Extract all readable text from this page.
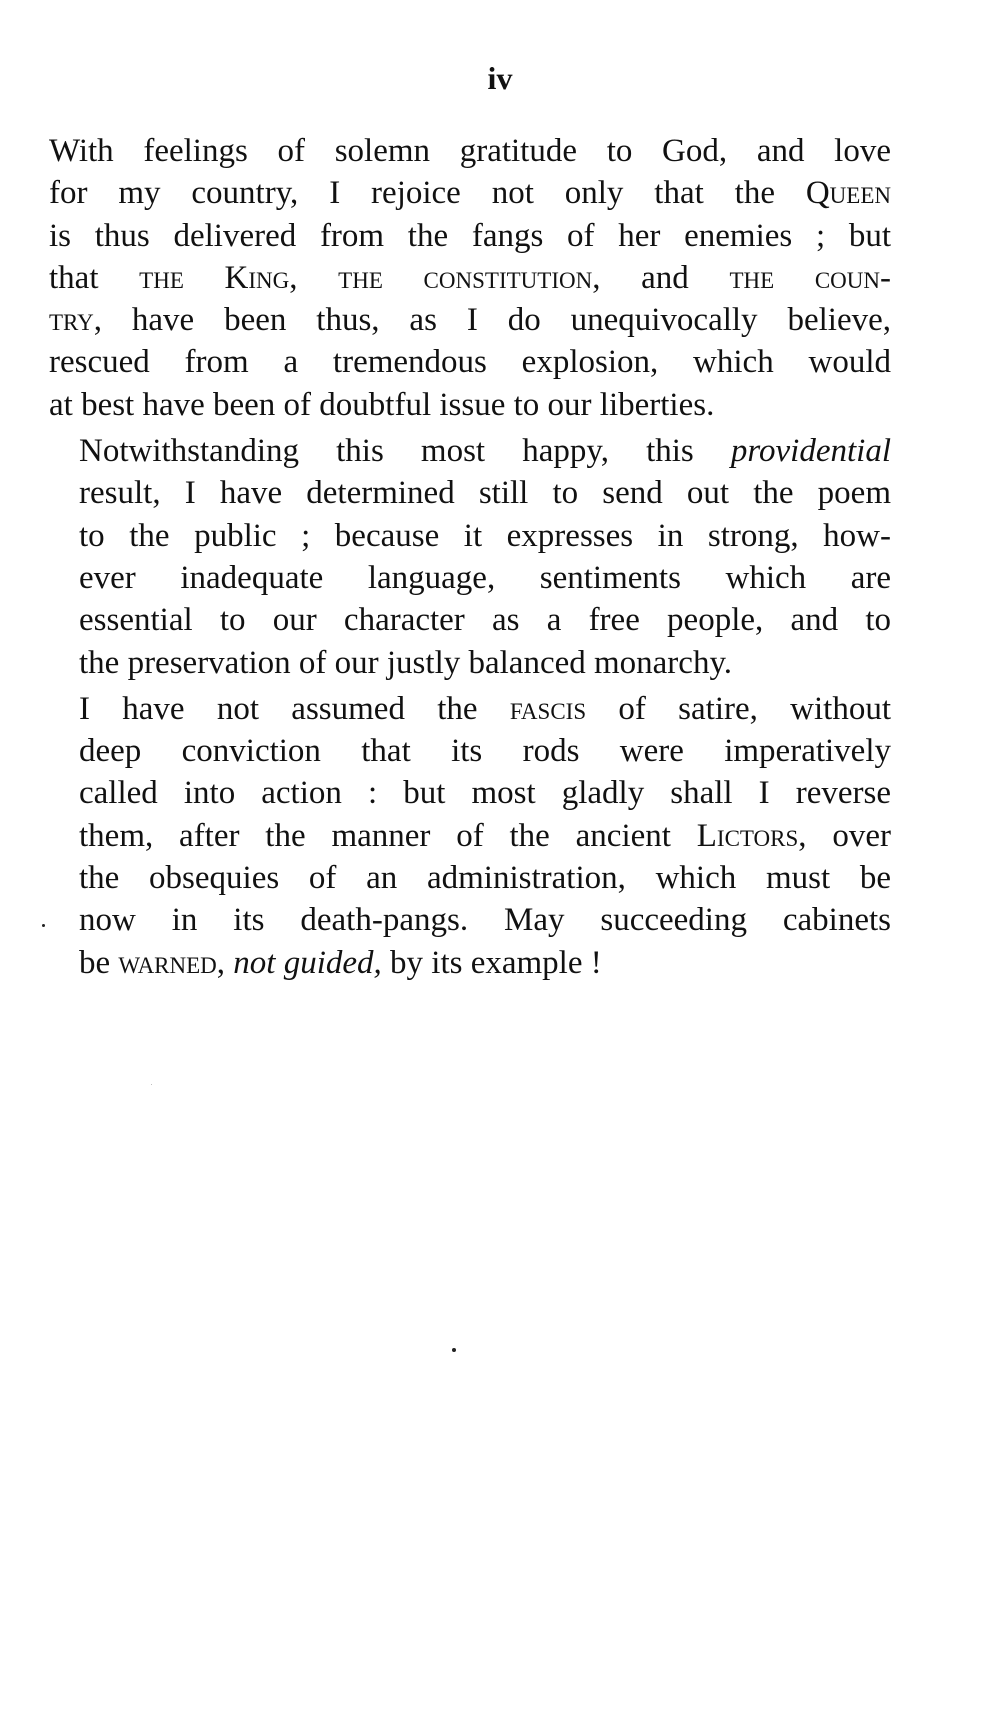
iv

With feelings of solemn gratitude to God, and love
for my country, I rejoice not only that the Queen
is thus delivered from the fangs of her enemies ; but
that the King, the constitution, and the coun-
try, have been thus, as I do unequivocally believe,
rescued from a tremendous explosion, which would
at best have been of doubtful issue to our liberties.

Notwithstanding this most happy, this providential
result, I have determined still to send out the poem
to the public ; because it expresses in strong, how-
ever inadequate language, sentiments which are
essential to our character as a free people, and to
the preservation of our justly balanced monarchy.

I have not assumed the fascis of satire, without
deep conviction that its rods were imperatively
called into action : but most gladly shall I reverse
them, after the manner of the ancient Lictors, over
the obsequies of an administration, which must be
now in its death-pangs. May succeeding cabinets
be warned, not guided, by its example !
